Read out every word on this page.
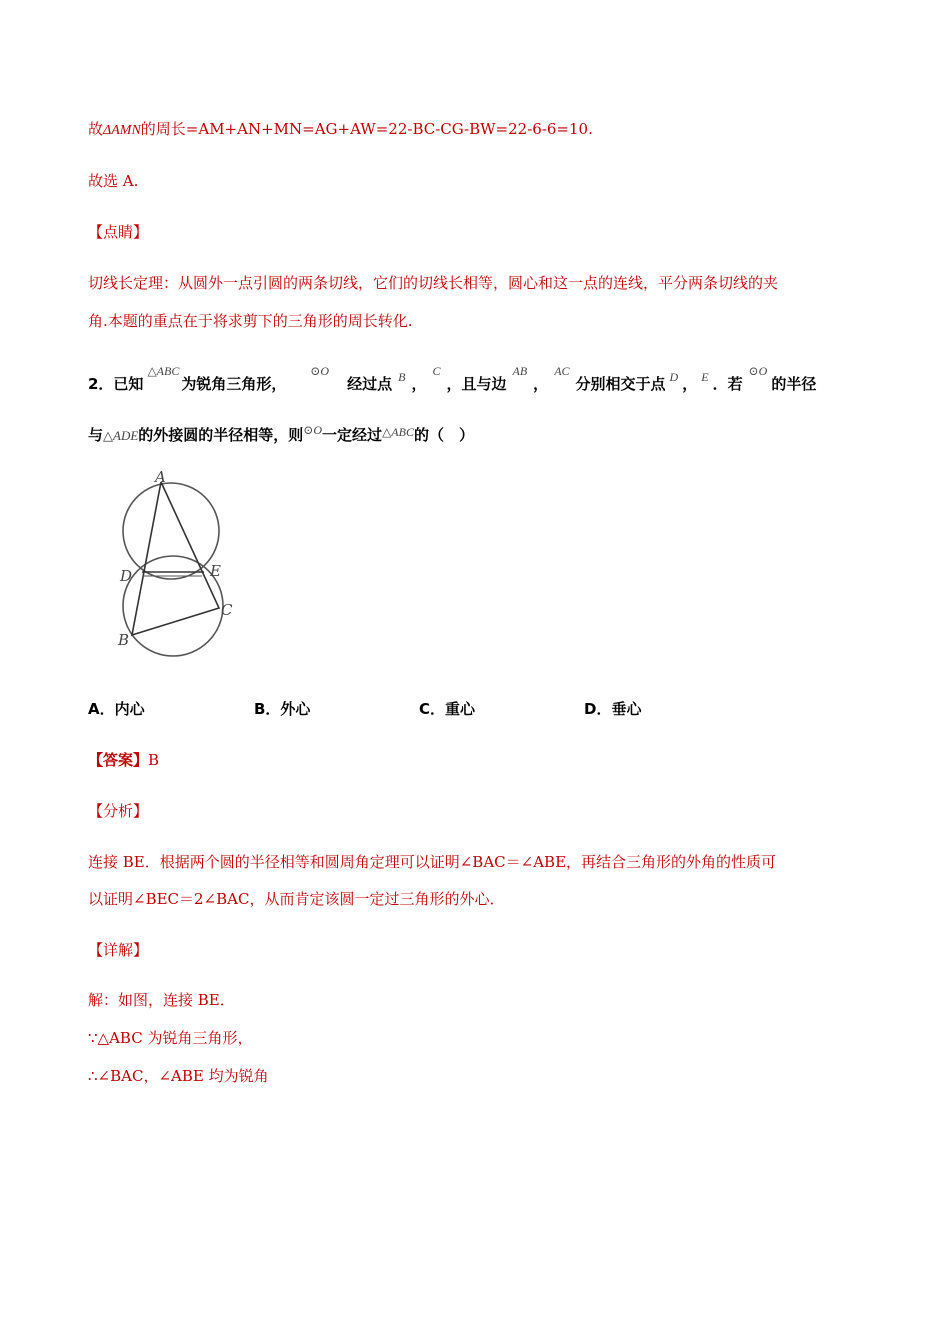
故ΔAMN的周长=AM+AN+MN=AG+AW=22-BC-CG-BW=22-6-6=10.
故选 A.
【点睛】
切线长定理：从圆外一点引圆的两条切线，它们的切线长相等，圆心和这一点的连线，平分两条切线的夹
角.本题的重点在于将求剪下的三角形的周长转化.
2．已知△ABC为锐角三角形，⊙O经过点 B ，C，且与边AB，AC分别相交于点 D ， E ．若⊙O的半径
与△ADE的外接圆的半径相等，则⊙O一定经过△ABC的（　）
A
B
C
D	E
A．内心	B．外心	C．重心	D．垂心
【答案】B
【分析】
连接 BE．根据两个圆的半径相等和圆周角定理可以证明∠BAC＝∠ABE，再结合三角形的外角的性质可
以证明∠BEC＝2∠BAC，从而肯定该圆一定过三角形的外心．
【详解】
解：如图，连接 BE．
∵△ABC 为锐角三角形，
∴∠BAC，∠ABE 均为锐角
